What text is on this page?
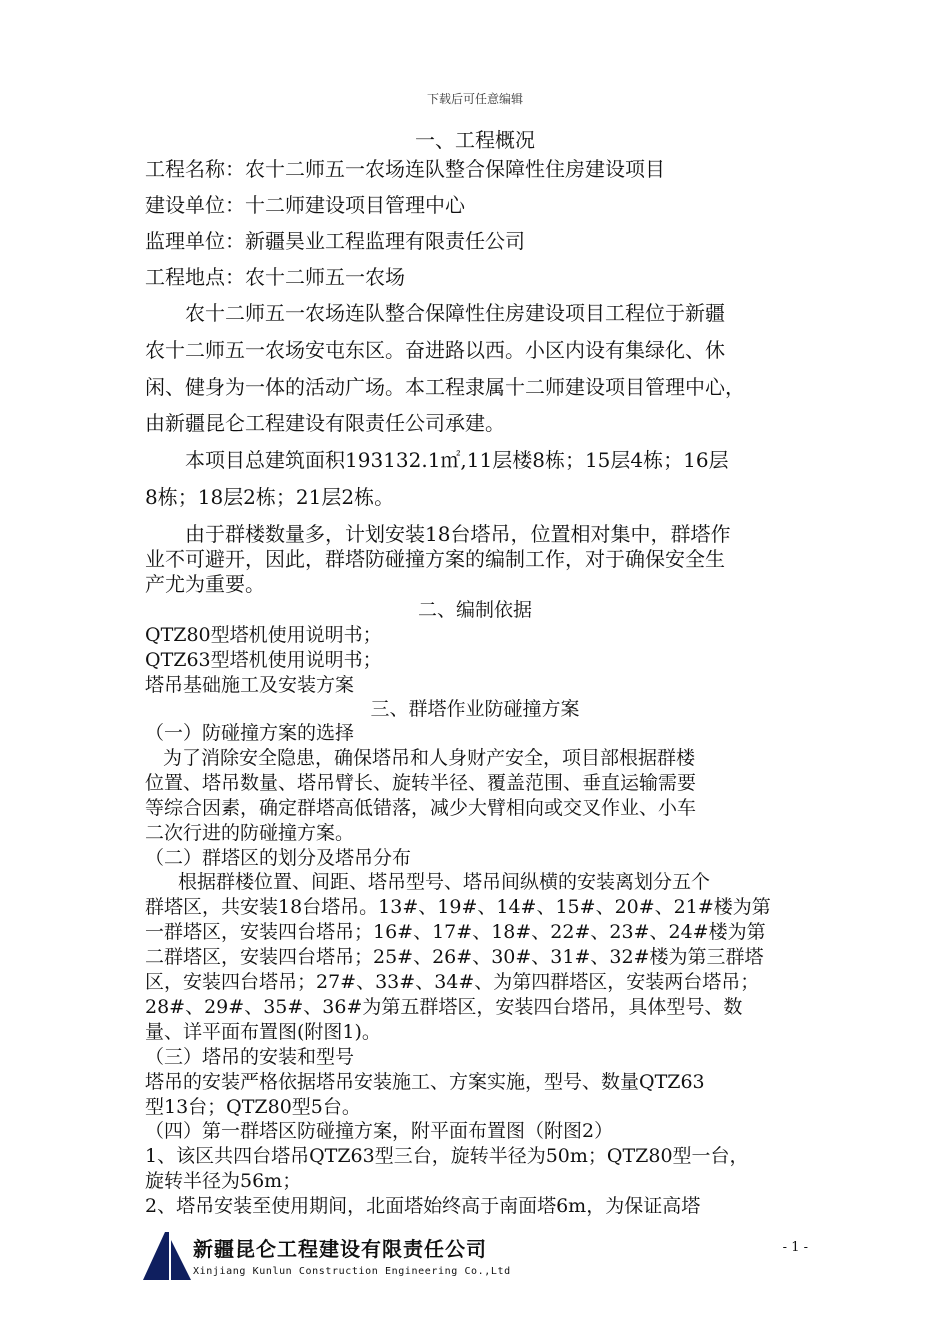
下载后可任意编辑
一、工程概况
工程名称：农十二师五一农场连队整合保障性住房建设项目
建设单位：十二师建设项目管理中心
监理单位：新疆昊业工程监理有限责任公司
工程地点：农十二师五一农场
农十二师五一农场连队整合保障性住房建设项目工程位于新疆
农十二师五一农场安屯东区。奋进路以西。小区内设有集绿化、休
闲、健身为一体的活动广场。本工程隶属十二师建设项目管理中心，
由新疆昆仑工程建设有限责任公司承建。
本项目总建筑面积193132.1㎡,11层楼8栋；15层4栋；16层
8栋；18层2栋；21层2栋。
由于群楼数量多，计划安装18台塔吊，位置相对集中，群塔作
业不可避开，因此，群塔防碰撞方案的编制工作，对于确保安全生
产尤为重要。
二、编制依据
QTZ80型塔机使用说明书；
QTZ63型塔机使用说明书；
塔吊基础施工及安装方案
三、群塔作业防碰撞方案
（一）防碰撞方案的选择
为了消除安全隐患，确保塔吊和人身财产安全，项目部根据群楼
位置、塔吊数量、塔吊臂长、旋转半径、覆盖范围、垂直运输需要
等综合因素，确定群塔高低错落，减少大臂相向或交叉作业、小车
二次行进的防碰撞方案。
（二）群塔区的划分及塔吊分布
根据群楼位置、间距、塔吊型号、塔吊间纵横的安装离划分五个
群塔区，共安装18台塔吊。13#、19#、14#、15#、20#、21#楼为第
一群塔区，安装四台塔吊；16#、17#、18#、22#、23#、24#楼为第
二群塔区，安装四台塔吊；25#、26#、30#、31#、32#楼为第三群塔
区，安装四台塔吊；27#、33#、34#、为第四群塔区，安装两台塔吊；
28#、29#、35#、36#为第五群塔区，安装四台塔吊，具体型号、数
量、详平面布置图(附图1)。
（三）塔吊的安装和型号
塔吊的安装严格依据塔吊安装施工、方案实施，型号、数量QTZ63
型13台；QTZ80型5台。
（四）第一群塔区防碰撞方案，附平面布置图（附图2）
1、该区共四台塔吊QTZ63型三台，旋转半径为50m；QTZ80型一台，
旋转半径为56m；
2、塔吊安装至使用期间，北面塔始终高于南面塔6m，为保证高塔
新疆昆仑工程建设有限责任公司
Xinjiang Kunlun Construction Engineering Co.,Ltd
- 1 -
